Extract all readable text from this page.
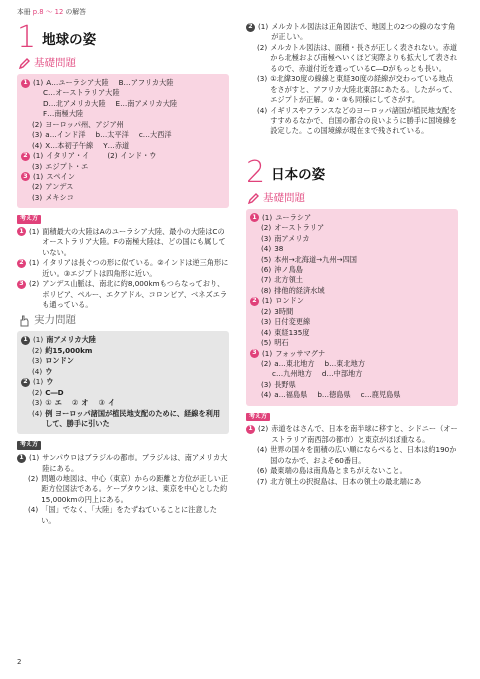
本冊 p.8 〜 12 の解答
1 地球の姿
基礎問題
1 (1) A…ユーラシア大陸 B…アフリカ大陸
C…オーストラリア大陸
D…北アメリカ大陸 E…南アメリカ大陸
F…南極大陸
(2) ヨーロッパ州、アジア州
(3) a…インド洋 b…太平洋 c…大西洋
(4) X…本初子午線 Y…赤道
2 (1) イタリア・イ	(2) インド・ウ
(3) エジプト・エ
3 (1) スペイン
(2) アンデス
(3) メキシコ
考え方
1 (1) 面積最大の大陸はAのユーラシア大陸、最小の大陸はCのオーストラリア大陸。Fの南極大陸は、どの国にも属していない。
2 (1) イタリアは長ぐつの形に似ている。②インドは逆三角形に近い。③エジプトは四角形に近い。
3 (2) アンデス山脈は、南北に約8,000kmもつらなっており、ボリビア、ペルー、エクアドル、コロンビア、ベネズエラも通っている。
実力問題
1 (1) 南アメリカ大陸
(2) 約15,000km
(3) ロンドン
(4) ウ
2 (1) ウ
(2) C―D
(3) ① エ ② オ ③ イ
(4) 例 ヨーロッパ諸国が植民地支配のために、経線を利用して、勝手に引いた
考え方
1 (1) サンパウロはブラジルの都市。ブラジルは、南アメリカ大陸にある。
(2) 問題の地図は、中心（東京）からの距離と方位が正しい正距方位図法である。ケープタウンは、東京を中心とした約15,000kmの円上にある。
(4) 「国」でなく、「大陸」をたずねていることに注意したい。
2 (1) メルカトル図法は正角図法で、地図上の2つの線のなす角が正しい。
(2) メルカトル図法は、面積・長さが正しく表されない。赤道から北極および南極へいくほど実際よりも拡大して表されるので、赤道付近を通っているC―Dがもっとも長い。
(3) ①北緯30度の線線と東経30度の経線が交わっている地点をさがすと、アフリカ大陸北東部にあたる。したがって、エジプトが正解。②・③も同様にしてさがす。
(4) イギリスやフランスなどのヨーロッパ諸国が植民地支配をすすめるなかで、自国の都合の良いように勝手に国境線を設定した。この国境線が現在まで残されている。
2 日本の姿
基礎問題
1 (1) ユーラシア
(2) オーストラリア
(3) 南アメリカ
(4) 38
(5) 本州→北海道→九州→四国
(6) 沖ノ鳥島
(7) 北方領土
(8) 排他的経済水域
2 (1) ロンドン
(2) 3時間
(3) 日付変更線
(4) 東経135度
(5) 明石
3 (1) フォッサマグナ
(2) a…東北地方 b…東北地方
c…九州地方 d…中部地方
(3) 長野県
(4) a…福島県 b…徳島県 c…鹿児島県
考え方
1 (2) 赤道をはさんで、日本を南半球に移すと、シドニー（オーストラリア南西部の都市）と東京がほぼ重なる。
(4) 世界の国々を面積の広い順にならべると、日本は約190か国のなかで、およそ60番目。
(6) 最東端の島は南鳥島とまちがえないこと。
(7) 北方領土の択捉島は、日本の領土の最北端にあ
2
